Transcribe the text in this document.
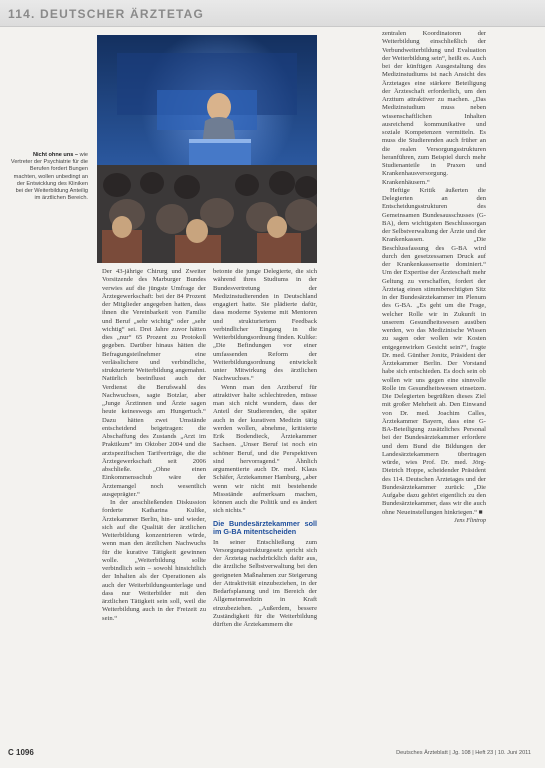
114. DEUTSCHER ÄRZTETAG
Nicht ohne uns – wie Vertreter der Psychiatrie für die Berufen fordert Bungen machten, wollen unbedingt an der Entwicklung des Kliniken bei der Weiterbildung Anteilig im ärztlichen Bereich.

Der 43-jährige Chirurg und Zweiter Vorsitzende des Marburger Bundes verwies auf die jüngste Umfrage der Ärztegewerkschaft: bei der 84 Prozent der Mitglieder angegeben hatten, dass ihnen die Vereinbarkeit von Familie und Beruf „sehr wichtig“ oder „sehr wichtig“ sei. Drei Jahre zuvor hätten dies „nur“ 65 Prozent zu Protokoll gegeben. Darüber hinaus hätten die Befragungsteilnehmer eine verlässlichere und verbindliche, strukturierte Weiterbildung angemahnt. Natürlich beeinflusst auch der Verdienst die Berufswahl des Nachwuchses, sagte Botzlar, aber „Junge Ärztinnen und Ärzte sagen heute keineswegs am Hungertuch.“ Dazu hätten zwei Umstände entscheidend beigetragen: die Abschaffung des Zustands „Arzt im Praktikum“ im Oktober 2004 und die arztspezifischen Tarifverträge, die die Ärztegewerkschaft seit 2006 abschließe. „Ohne einen Einkommensschub wäre der Ärztemangel noch wesentlich ausgeprägter.“

In der anschließenden Diskussion forderte Katharina Kulike, Ärztekammer Berlin, hin- und wieder, sich auf die Qualität der ärztlichen Weiterbildung konzentrieren würde, wenn man den ärztlichen Nachwuchs für die kurative Tätigkeit gewinnen wolle. „Weiterbildung sollte verbindlich sein – sowohl hinsichtlich der Inhalten als der Operationen als auch der Weiterbildungsunterlage und dass nur Weiterbilder mit den ärztlichen Tätigkeit sein soll, weil die Weiterbildung auch in der Freizeit zu sein.“

betonte die junge Delegierte, die sich während ihres Studiums in der Bundesvertretung der Medizinstudierenden in Deutschland engagiert hatte. Sie plädierte dafür, dass moderne Systeme mit Mentoren und strukturiertem Feedback verbindlicher Eingang in die Weiterbildungsordnung finden. Kulike: „Die Befindungen vor einer umfassenden Reform der Weiterbildungsordnung entwickelt unter Mitwirkung des ärztlichen Nachwuchses.“

Wenn man den Arztberuf für attraktiver halte schlechtreden, müsse man sich nicht wundern, dass der Anteil der Studierenden, die später auch in der kurativen Medizin tätig werden wollen, abnehme, kritisierte Erik Bodendieck, Ärztekammer Sachsen. „Unser Beruf ist noch ein schöner Beruf, und die Perspektiven sind hervorragend.“ Ähnlich argumentierte auch Dr. med. Klaus Schäfer, Ärztekammer Hamburg, „aber wenn wir nicht mit bestehende Missstände aufmerksam machen, können auch die Politik und es ändert sich nichts.“

Die Bundesärztekammer soll im G-BA mitentscheiden

In seiner Entschließung zum Versorgungsstrukturgesetz spricht sich der Ärztetag nachdrücklich dafür aus, die ärztliche Selbstverwaltung bei den geeigneten Maßnahmen zur Steigerung der Attraktivität einzubeziehen, in der Bedarfsplanung und im Bereich der Allgemeinmedizin in Kraft einzubeziehen. „Außerdem, bessere Zuständigkeit für die Weiterbildung dürften die Ärztekammern die

zentralen Koordinatoren der Weiterbildung einschließlich der Verbundweiterbildung und Evaluation der Weiterbildung sein“, heißt es. Auch bei der künftigen Ausgestaltung des Medizinstudiums ist nach Ansicht des Ärztetages eine stärkere Beteiligung der Ärzteschaft erforderlich, um den Arzttum attraktiver zu machen. „Das Medizinstudium muss neben wissenschaftlichen Inhalten ausreichend kommunikative und soziale Kompetenzen vermitteln. Es muss die Studierenden auch früher an die realen Versorgungsstrukturen heranführen, zum Beispiel durch mehr Studienanteile in Praxen und Krankenhausversorgung. Krankenhäusern.“

Heftige Kritik äußerten die Delegierten an den Entscheidungsstrukturen des Gemeinsamen Bundesausschusses (G-BA), dem wichtigsten Beschlussorgan der Selbstverwaltung der Ärzte und der Krankenkassen. „Die Beschlussfassung des G-BA wird durch den gesetzessamen Druck auf der Krankenkassenseite dominiert.“ Um der Expertise der Ärzteschaft mehr Geltung zu verschaffen, fordert der Ärztetag einen stimmberechtigten Sitz in der Bundesärztekammer im Plenum des G-BA. „Es geht um die Frage, welcher Rolle wir in Zukunft in unserem Gesundheitswesen ausüben werden, wo das Medizinische Wissen zu sagen oder wollen wir Kosten entgegenwirken Gesicht sein?“, fragte Dr. med. Günther Jonitz, Präsident der Ärztekammer Berlin. Der Vorstand habe sich entschieden. Es doch sein ob wollen wir uns gegen eine sinnvolle Rolle im Gesundheitswesen einsetzen. Die Delegierten begrüßten dieses Ziel mit großer Mehrheit ab. Den Einwand von Dr. med. Joachim Calles, Ärztekammer Bayern, dass eine G-BA-Beteiligung zusätzliches Personal bei der Bundesärztekammer erfordere und dem Bund die Bildungen der Landesärztekammern übertragen würde, wies Prof. Dr. med. Jörg-Dietrich Hoppe, scheidender Präsident des 114. Deutschen Ärztetages und der Bundesärztekammer zurück: „Die Aufgabe dazu gehört eigentlich zu den Bundesärztekammer, dass wir die auch ohne Neueinstellungen hinkriegen.“ ■

Jens Flintrop
C 1096	Deutsches Ärzteblatt | Jg. 108 | Heft 23 | 10. Juni 2011
